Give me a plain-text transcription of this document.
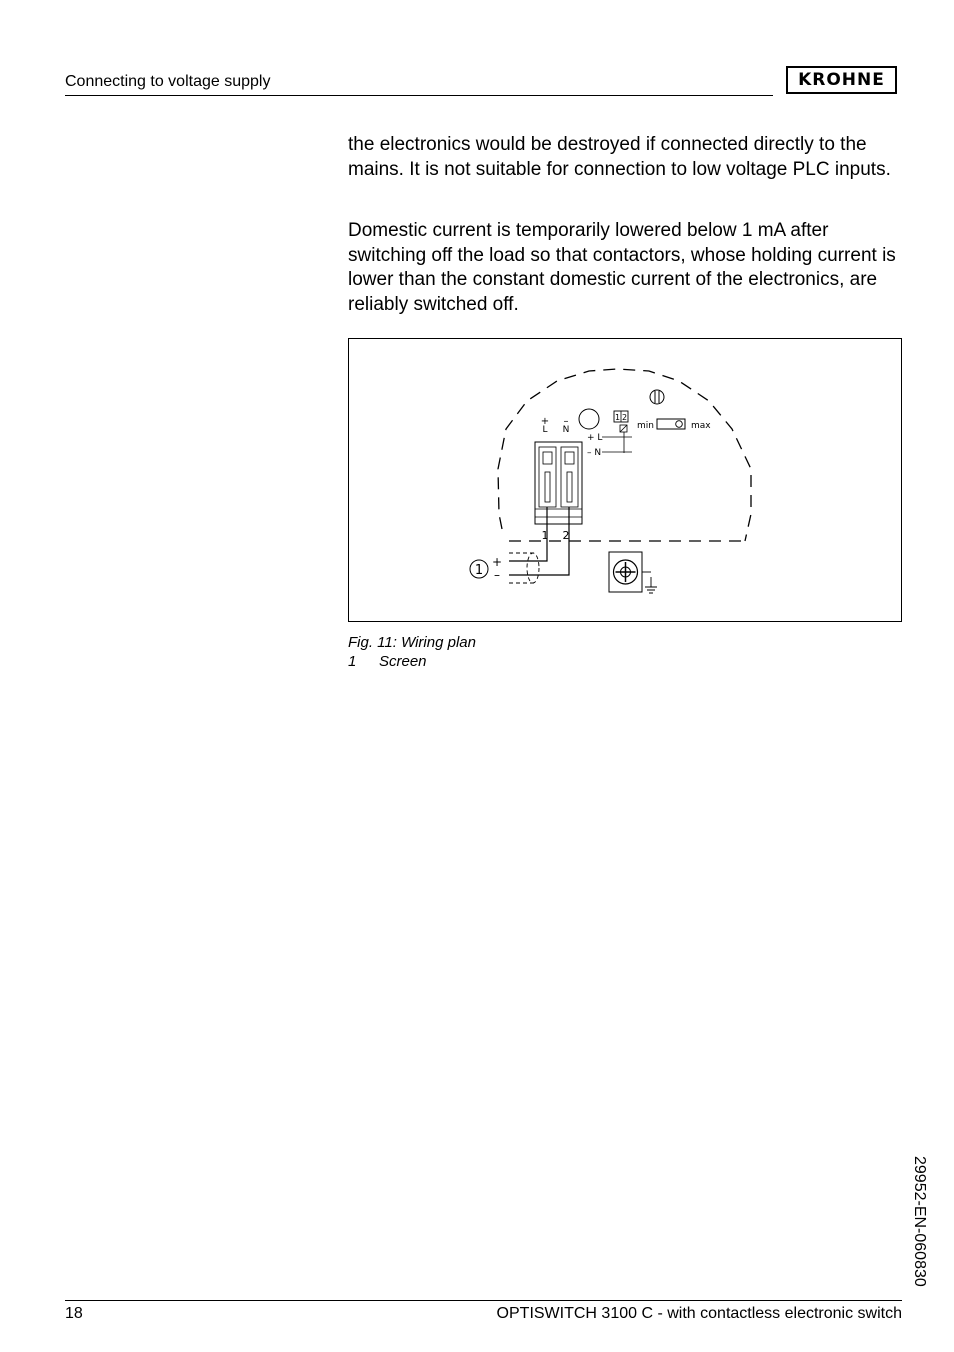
Connecting to voltage supply	KROHNE
the electronics would be destroyed if connected directly to the mains. It is not suitable for connection to low voltage PLC inputs.
Domestic current is temporarily lowered below 1 mA after switching off the load so that contactors, whose holding current is lower than the constant domestic current of the electronics, are reliably switched off.
+
L
–
N
1 2
1 2
+ L
– N
min	max
+
–
1
Fig. 11: Wiring plan
1 Screen
29952-EN-060830
18	OPTISWITCH 3100 C - with contactless electronic switch
